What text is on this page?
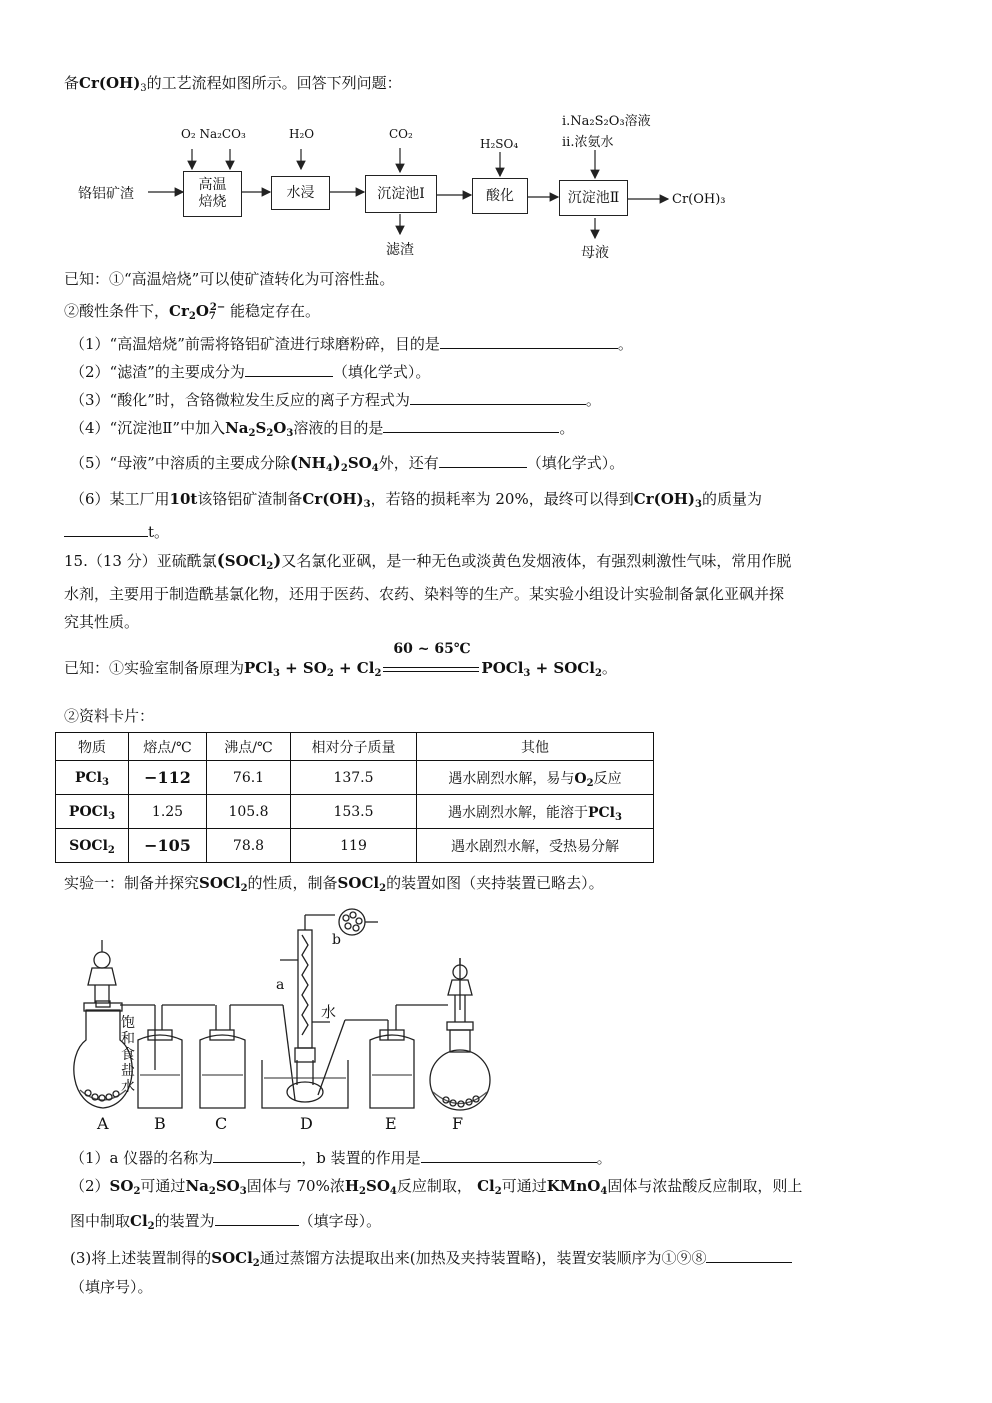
备$Cr(OH)_3$的工艺流程如图所示。回答下列问题：
铬铝矿渣
O₂ Na₂CO₃
高温焙烧
H₂O
水浸
CO₂
沉淀池Ⅰ
滤渣
H₂SO₄
酸化
ⅰ.Na₂S₂O₃溶液
ⅱ.浓氨水
沉淀池Ⅱ
母液
Cr(OH)₃
已知：①“高温焙烧”可以使矿渣转化为可溶性盐。
②酸性条件下，$Cr_2O_7^{2-}$ 能稳定存在。
（1）“高温焙烧”前需将铬铝矿渣进行球磨粉碎，目的是	。
（2）“滤渣”的主要成分为	（填化学式）。
（3）“酸化”时，含铬微粒发生反应的离子方程式为	。
（4）“沉淀池Ⅱ”中加入$Na_2S_2O_3$溶液的目的是	。
（5）“母液”中溶质的主要成分除$(NH_4)_2SO_4$外，还有	（填化学式）。
（6）某工厂用10t该铬铝矿渣制备$Cr(OH)_3$，若铬的损耗率为 20%，最终可以得到$Cr(OH)_3$的质量为
t。
15.（13 分）亚硫酰氯(SOCl$_2$)又名氯化亚砜，是一种无色或淡黄色发烟液体，有强烈刺激性气味，常用作脱
水剂，主要用于制造酰基氯化物，还用于医药、农药、染料等的生产。某实验小组设计实验制备氯化亚砜并探
究其性质。
已知：①实验室制备原理为$PCl_3 + SO_2 + Cl_2$
60 ~ 65℃
POCl$_3$ + SOCl$_2$。
②资料卡片：
物质	熔点/℃	沸点/℃	相对分子质量	其他
PCl$_3$	−112	76.1	137.5	遇水剧烈水解，易与$O_2$反应
POCl$_3$	1.25	105.8	153.5	遇水剧烈水解，能溶于PCl$_3$
SOCl$_2$	−105	78.8	119	遇水剧烈水解，受热易分解
实验一：制备并探究SOCl$_2$的性质，制备SOCl$_2$的装置如图（夹持装置已略去）。
a
b
水
饱和食盐水
A	B	C	D	E	F
（1）a 仪器的名称为	，b 装置的作用是	。
$(2)SO_2$可通过$Na_2SO_3$固体与 70%浓$H_2SO_4$反应制取， $Cl_2$可通过KMnO$_4$固体与浓盐酸反应制取，则上
图中制取$Cl_2$的装置为	（填字母）。
(3)将上述装置制得的SOCl$_2$通过蒸馏方法提取出来(加热及夹持装置略)，装置安装顺序为①⑨⑧
（填序号）。
